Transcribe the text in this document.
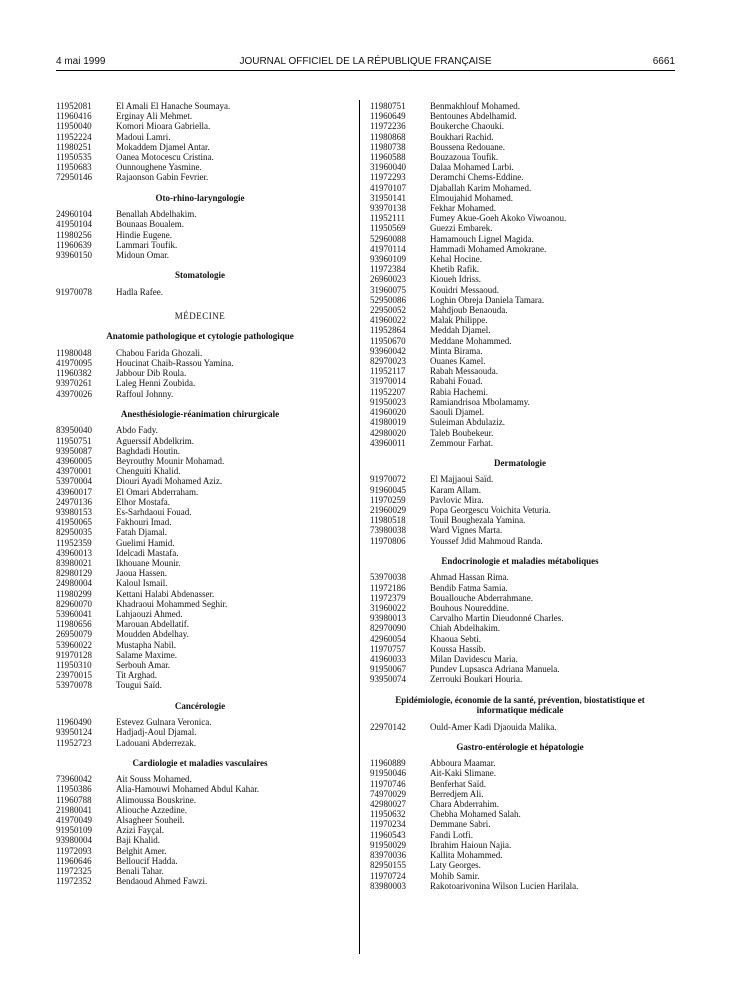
4 mai 1999	JOURNAL OFFICIEL DE LA RÉPUBLIQUE FRANÇAISE	6661
11952081	El Amali El Hanache Soumaya.
11960416	Erginay Ali Mehmet.
11950040	Komori Mioara Gabriella.
11952224	Madoui Lamri.
11980251	Mokaddem Djamel Antar.
11950535	Oanea Motocescu Cristina.
11950683	Ounnoughene Yasmine.
72950146	Rajaonson Gabin Fevrier.
Oto-rhino-laryngologie
24960104	Benallah Abdelhakim.
41950104	Bounaas Boualem.
11980256	Hindie Eugene.
11960639	Lammari Toufik.
93960150	Midoun Omar.
Stomatologie
91970078	Hadla Rafee.
MÉDECINE
Anatomie pathologique et cytologie pathologique
11980048	Chabou Farida Ghozali.
41970095	Houcinat Chaib-Rassou Yamina.
11960382	Jabbour Dib Roula.
93970261	Laleg Henni Zoubida.
43970026	Raffoul Johnny.
Anesthésiologie-réanimation chirurgicale
83950040	Abdo Fady.
11950751	Aguerssif Abdelkrim.
93950087	Baghdadi Houtin.
43960005	Beyrouthy Mounir Mohamad.
43970001	Chenguiti Khalid.
53970004	Diouri Ayadi Mohamed Aziz.
43960017	El Omari Abderraham.
24970136	Elhor Mostafa.
93980153	Es-Sarhdaoui Fouad.
41950065	Fakhouri Imad.
82950035	Fatah Djamal.
11952359	Guelimi Hamid.
43960013	Idelcadi Mastafa.
83980021	Ikhouane Mounir.
82980129	Jaoua Hassen.
24980004	Kaloul Ismail.
11980299	Kettani Halabi Abdenasser.
82960070	Khadraoui Mohammed Seghir.
53960041	Lahjaouzi Ahmed.
11980656	Marouan Abdellatif.
26950079	Moudden Abdelhay.
53960022	Mustapha Nabil.
91970128	Salame Maxime.
11950310	Serbouh Amar.
23970015	Tit Arghad.
53970078	Tougui Saïd.
Cancérologie
11960490	Estevez Gulnara Veronica.
93950124	Hadjadj-Aoul Djamal.
11952723	Ladouani Abderrezak.
Cardiologie et maladies vasculaires
73960042	Ait Souss Mohamed.
11950386	Alia-Hamouwi Mohamed Abdul Kahar.
11960788	Alimoussa Bouskrine.
21980041	Aliouche Azzedine.
41970049	Alsagheer Souheil.
91950109	Azizi Fayçal.
93980004	Baji Khalid.
11972093	Belghit Amer.
11960646	Belloucif Hadda.
11972325	Benali Tahar.
11972352	Bendaoud Ahmed Fawzi.
11980751	Benmakhlouf Mohamed.
11960649	Bentounes Abdelhamid.
11972236	Boukerche Chaouki.
11980868	Boukhari Rachid.
11980738	Boussena Redouane.
11960588	Bouzazoua Toufik.
31960040	Dalaa Mohamed Larbi.
11972293	Deramchi Chems-Eddine.
41970107	Djaballah Karim Mohamed.
31950141	Elmoujahid Mohamed.
93970138	Fekhar Mohamed.
11952111	Fumey Akue-Goeh Akoko Viwoanou.
11950569	Guezzi Embarek.
52960088	Hamamouch Lignel Magida.
41970114	Hammadi Mohamed Amokrane.
93960109	Kehal Hocine.
11972384	Khetib Rafik.
26960023	Kioueh Idriss.
31960075	Kouidri Messaoud.
52950086	Loghin Obreja Daniela Tamara.
22950052	Mahdjoub Benaouda.
41960022	Malak Philippe.
11952864	Meddah Djamel.
11950670	Meddane Mohammed.
93960042	Minta Birama.
82970023	Ouanes Kamel.
11952117	Rabah Messaouda.
31970014	Rabahi Fouad.
11952207	Rabia Hachemi.
91950023	Ramiandrisoa Mbolamamy.
41960020	Saouli Djamel.
41980019	Suleiman Abdulaziz.
42980020	Taleb Boubekeur.
43960011	Zemmour Farhat.
Dermatologie
91970072	El Majjaoui Saïd.
91960045	Karam Allam.
11970259	Pavlovic Mira.
21960029	Popa Georgescu Voichita Veturia.
11980518	Touil Boughezala Yamina.
73980038	Ward Vignes Marta.
11970806	Youssef Jdid Mahmoud Randa.
Endocrinologie et maladies métaboliques
53970038	Ahmad Hassan Rima.
11972186	Bendib Fatma Samia.
11972379	Bouallouche Abderrahmane.
31960022	Bouhous Noureddine.
93980013	Carvalho Martin Dieudonné Charles.
82970090	Chiah Abdelhakim.
42960054	Khaoua Sebti.
11970757	Koussa Hassib.
41960033	Milan Davidescu Maria.
91950067	Pundev Lupsasca Adriana Manuela.
93950074	Zerrouki Boukari Houria.
Epidémiologie, économie de la santé, prévention, biostatistique et informatique médicale
22970142	Ould-Amer Kadi Djaouida Malika.
Gastro-entérologie et hépatologie
11960889	Abboura Maamar.
91950046	Ait-Kaki Slimane.
11970746	Benferhat Saïd.
74970029	Berredjem Ali.
42980027	Chara Abderrahim.
11950632	Chebha Mohamed Salah.
11970234	Demmane Sabri.
11960543	Fandi Lotfi.
91950029	Ibrahim Haioun Najia.
83970036	Kallita Mohammed.
82950155	Laty Georges.
11970724	Mohib Samir.
83980003	Rakotoarivonina Wilson Lucien Harilala.
